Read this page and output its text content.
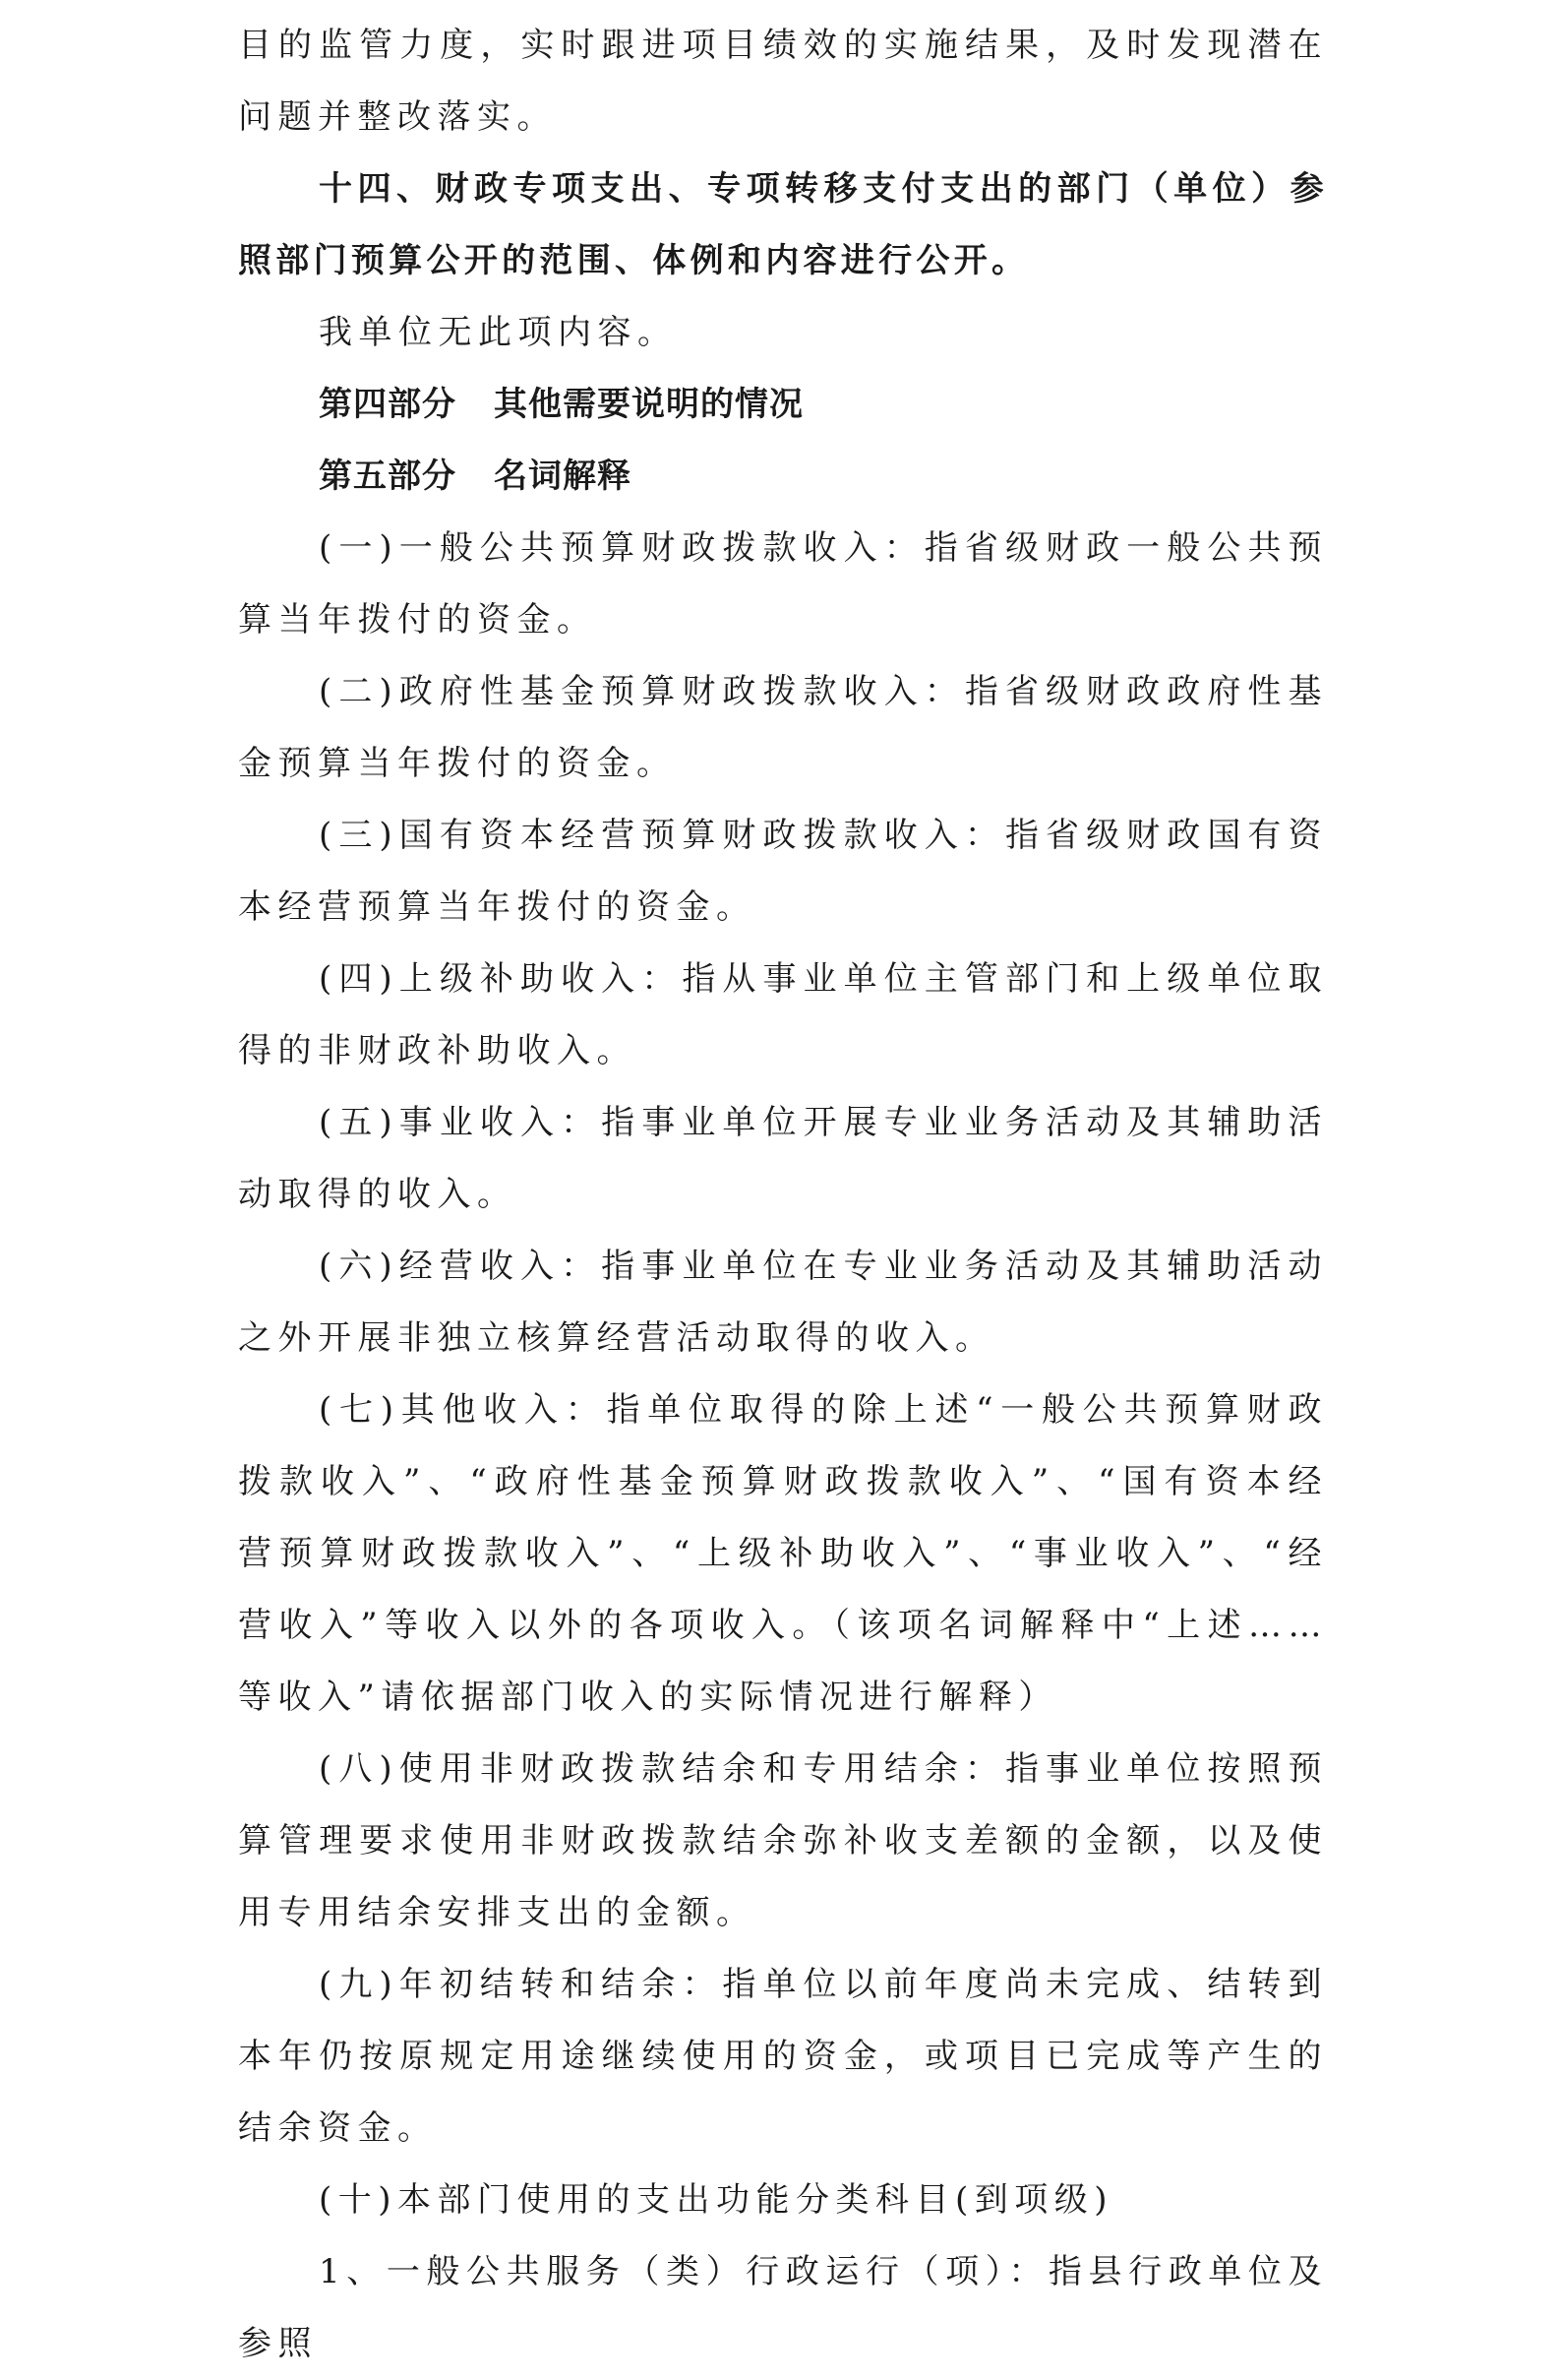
目的监管力度，实时跟进项目绩效的实施结果，及时发现潜在问题并整改落实。

十四、财政专项支出、专项转移支付支出的部门（单位）参照部门预算公开的范围、体例和内容进行公开。

我单位无此项内容。

第四部分 其他需要说明的情况

第五部分 名词解释

(一)一般公共预算财政拨款收入：指省级财政一般公共预算当年拨付的资金。

(二)政府性基金预算财政拨款收入：指省级财政政府性基金预算当年拨付的资金。

(三)国有资本经营预算财政拨款收入：指省级财政国有资本经营预算当年拨付的资金。

(四)上级补助收入：指从事业单位主管部门和上级单位取得的非财政补助收入。

(五)事业收入：指事业单位开展专业业务活动及其辅助活动取得的收入。

(六)经营收入：指事业单位在专业业务活动及其辅助活动之外开展非独立核算经营活动取得的收入。

(七)其他收入：指单位取得的除上述“一般公共预算财政拨款收入”、“政府性基金预算财政拨款收入”、“国有资本经营预算财政拨款收入”、“上级补助收入”、“事业收入”、“经营收入”等收入以外的各项收入。（该项名词解释中“上述……等收入”请依据部门收入的实际情况进行解释）

(八)使用非财政拨款结余和专用结余：指事业单位按照预算管理要求使用非财政拨款结余弥补收支差额的金额，以及使用专用结余安排支出的金额。

(九)年初结转和结余：指单位以前年度尚未完成、结转到本年仍按原规定用途继续使用的资金，或项目已完成等产生的结余资金。

(十)本部门使用的支出功能分类科目(到项级)

1、一般公共服务（类）行政运行（项）：指县行政单位及参照
